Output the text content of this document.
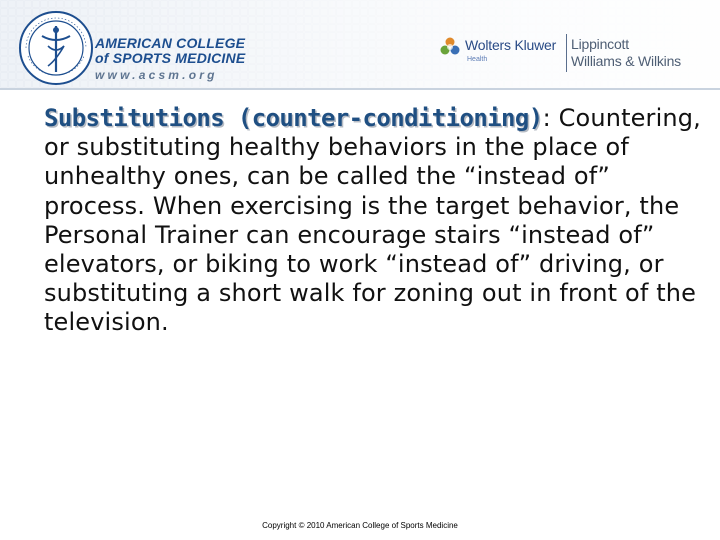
AMERICAN COLLEGE
of SPORTS MEDICINE
www.acsm.org
Wolters Kluwer
Health
Lippincott
Williams & Wilkins
Substitutions (counter-conditioning): Countering, or substituting healthy behaviors in the place of unhealthy ones, can be called the “instead of” process. When exercising is the target behavior, the Personal Trainer can encourage stairs “instead of” elevators, or biking to work “instead of” driving, or substituting a short walk for zoning out in front of the television.
Copyright © 2010 American College of Sports Medicine
